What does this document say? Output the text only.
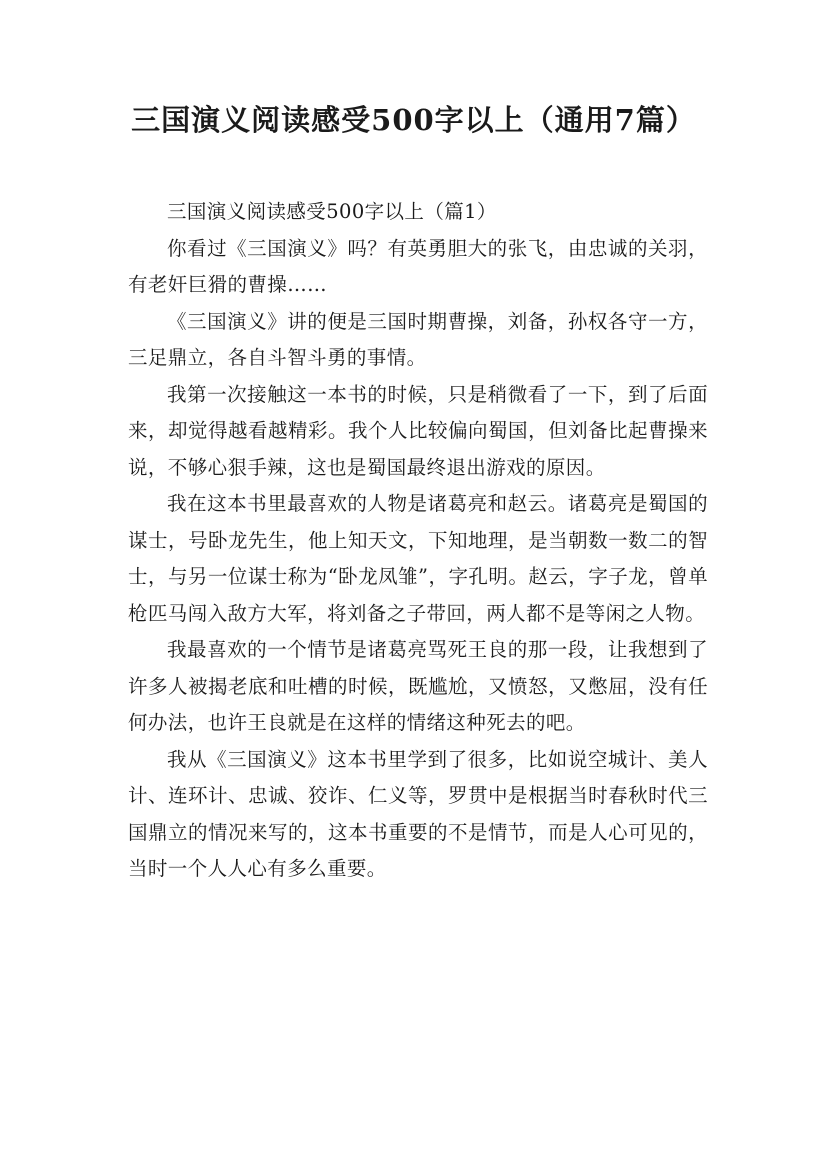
三国演义阅读感受500字以上（通用7篇）

三国演义阅读感受500字以上（篇1）

你看过《三国演义》吗？有英勇胆大的张飞，由忠诚的关羽，有老奸巨猾的曹操……

《三国演义》讲的便是三国时期曹操，刘备，孙权各守一方，三足鼎立，各自斗智斗勇的事情。

我第一次接触这一本书的时候，只是稍微看了一下，到了后面来，却觉得越看越精彩。我个人比较偏向蜀国，但刘备比起曹操来说，不够心狠手辣，这也是蜀国最终退出游戏的原因。

我在这本书里最喜欢的人物是诸葛亮和赵云。诸葛亮是蜀国的谋士，号卧龙先生，他上知天文，下知地理，是当朝数一数二的智士，与另一位谋士称为“卧龙凤雏”，字孔明。赵云，字子龙，曾单枪匹马闯入敌方大军，将刘备之子带回，两人都不是等闲之人物。

我最喜欢的一个情节是诸葛亮骂死王良的那一段，让我想到了许多人被揭老底和吐槽的时候，既尴尬，又愤怒，又憋屈，没有任何办法，也许王良就是在这样的情绪这种死去的吧。

我从《三国演义》这本书里学到了很多，比如说空城计、美人计、连环计、忠诚、狡诈、仁义等，罗贯中是根据当时春秋时代三国鼎立的情况来写的，这本书重要的不是情节，而是人心可见的，当时一个人人心有多么重要。
